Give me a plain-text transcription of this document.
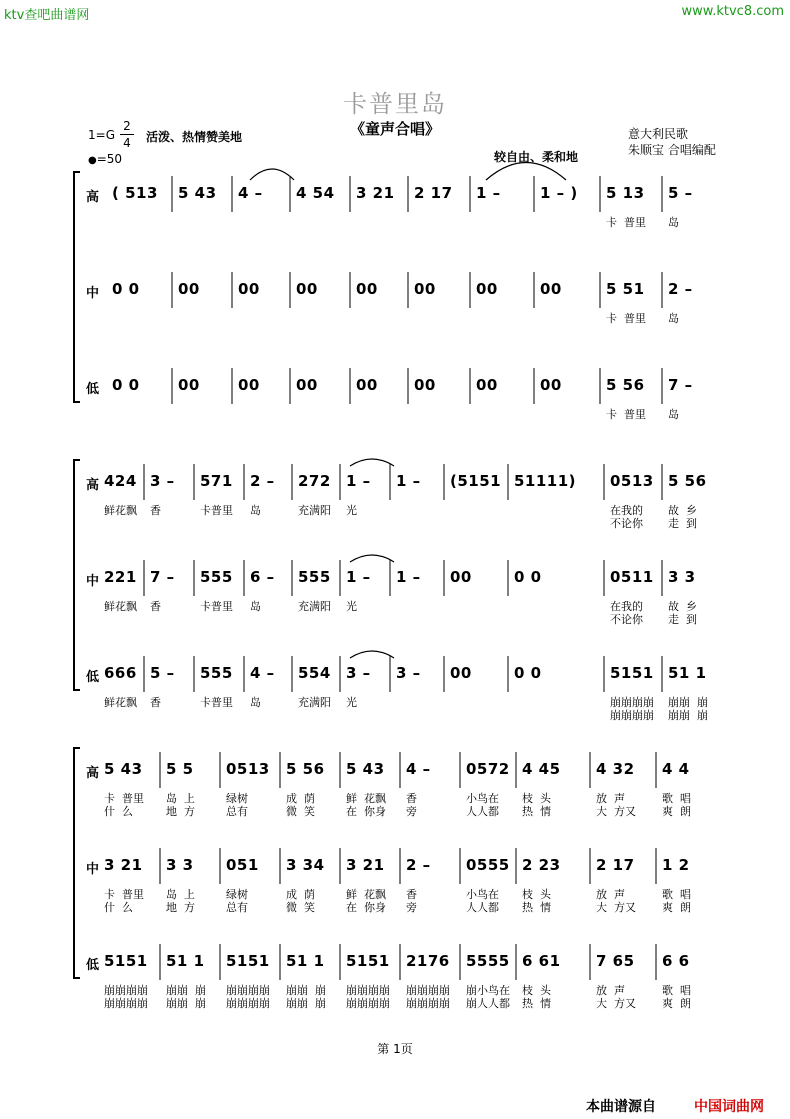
ktv查吧曲谱网	www.ktvc8.com
卡普里岛
《童声合唱》
1=G
2
4 活泼、热情赞美地
●=50
意大利民歌
朱顺宝 合唱编配
较自由、柔和地
高 ( 513 5 43 4 – 4 54 3 21 2 17 1 –	1 – ) 5 13 5 –
卡  普里 岛
中 0 0	00	00 00	00 00	00	00	5 51 2 –
卡  普里 岛
低 0 0	00	00 00	00 00	00	00	5 56 7 –
卡  普里 岛
高 424 3 – 571 2 – 272 1 – 1 – (5151 51111) 0513 5 56
鲜花飘 香	卡普里 岛	充满阳 光	在我的
不论你
故  乡
走  到
中 221 7 – 555 6 – 555 1 – 1 – 00	0 0	0511 3 3
鲜花飘 香	卡普里 岛	充满阳 光	在我的
不论你
故  乡
走  到
低 666 5 – 555 4 – 554 3 – 3 – 00	0 0	5151 51 1
鲜花飘 香	卡普里 岛	充满阳 光	崩崩崩崩
崩崩崩崩
崩崩  崩
崩崩  崩
高 5 43 5 5 0513 5 56 5 43 4 – 0572 4 45 4 32 4 4
卡  普里
什  么
岛  上
地  方
绿树
总有
成  荫
微  笑
鲜  花飘
在  你身
香
旁
小鸟在
人人都
枝  头
热  情
放  声
大  方又
歌  唱
爽  朗
中 3 21 3 3 051 3 34 3 21 2 – 0555 2 23 2 17 1 2
卡  普里
什  么
岛  上
地  方
绿树
总有
成  荫
微  笑
鲜  花飘
在  你身
香
旁
小鸟在
人人都
枝  头
热  情
放  声
大  方又
歌  唱
爽  朗
低 5151 51 1 5151 51 1 5151 2176 5555 6 61 7 65 6 6
崩崩崩崩
崩崩崩崩
崩崩  崩
崩崩  崩
崩崩崩崩
崩崩崩崩
崩崩  崩
崩崩  崩
崩崩崩崩
崩崩崩崩
崩崩崩崩
崩崩崩崩
崩小鸟在
崩人人都
枝  头
热  情
放  声
大  方又
歌  唱
爽  朗
第 1页
本曲谱源自	中国词曲网
